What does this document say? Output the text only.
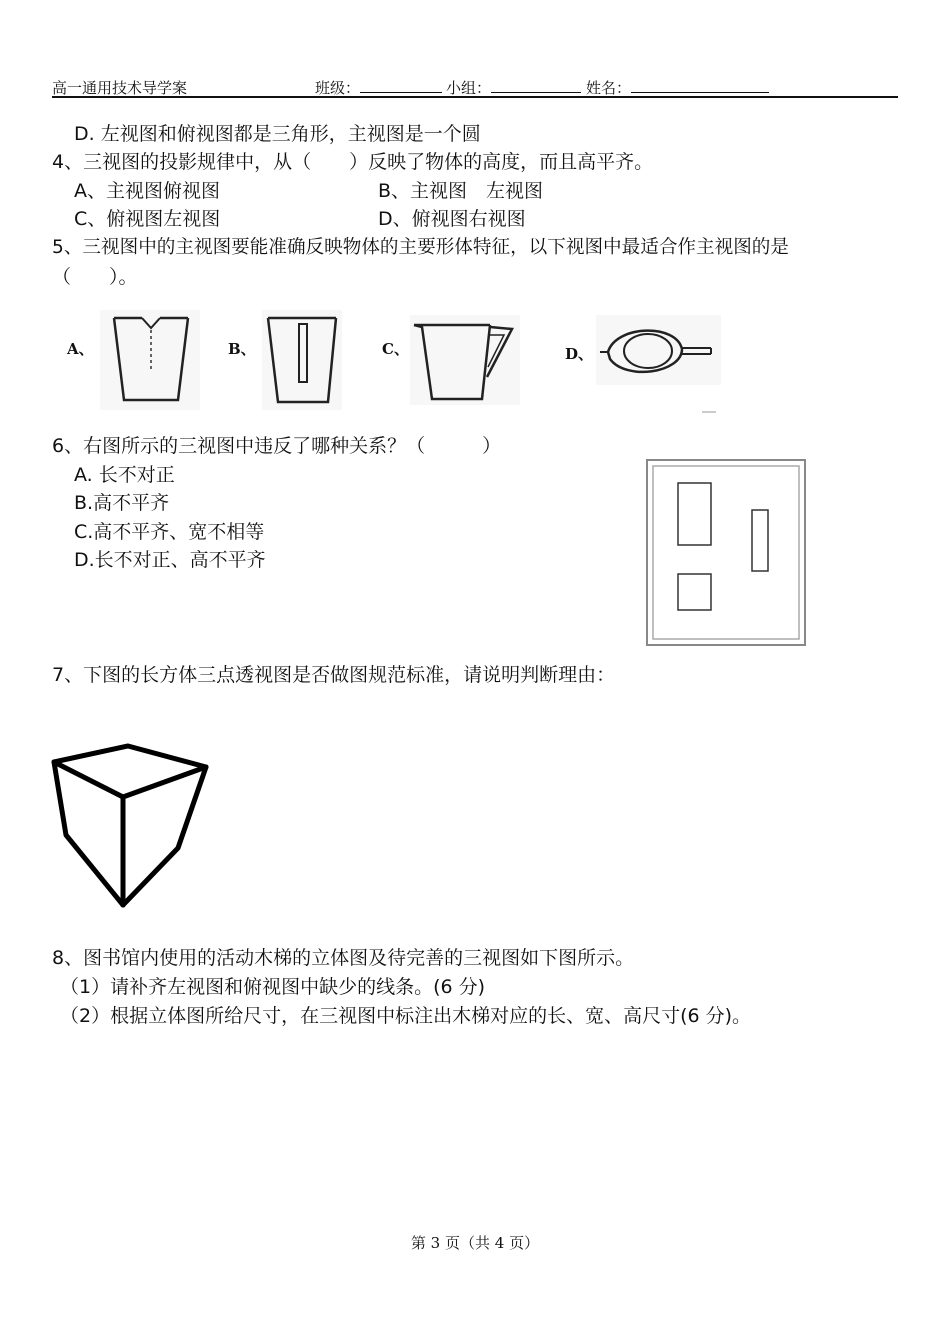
高一通用技术导学案	班级：	小组：	姓名：
D. 左视图和俯视图都是三角形，主视图是一个圆
4、三视图的投影规律中，从（　　）反映了物体的高度，而且高平齐。
A、主视图俯视图	B、主视图　左视图
C、俯视图左视图	D、俯视图右视图
5、三视图中的主视图要能准确反映物体的主要形体特征，以下视图中最适合作主视图的是
（　　）。
A、	B、	C、	D、
6、右图所示的三视图中违反了哪种关系？（　　　）
A. 长不对正
B.高不平齐
C.高不平齐、宽不相等
D.长不对正、高不平齐
7、下图的长方体三点透视图是否做图规范标准，请说明判断理由：
8、图书馆内使用的活动木梯的立体图及待完善的三视图如下图所示。
（1）请补齐左视图和俯视图中缺少的线条。(6 分)
（2）根据立体图所给尺寸，在三视图中标注出木梯对应的长、宽、高尺寸(6 分)。
第 3 页（共 4 页）
